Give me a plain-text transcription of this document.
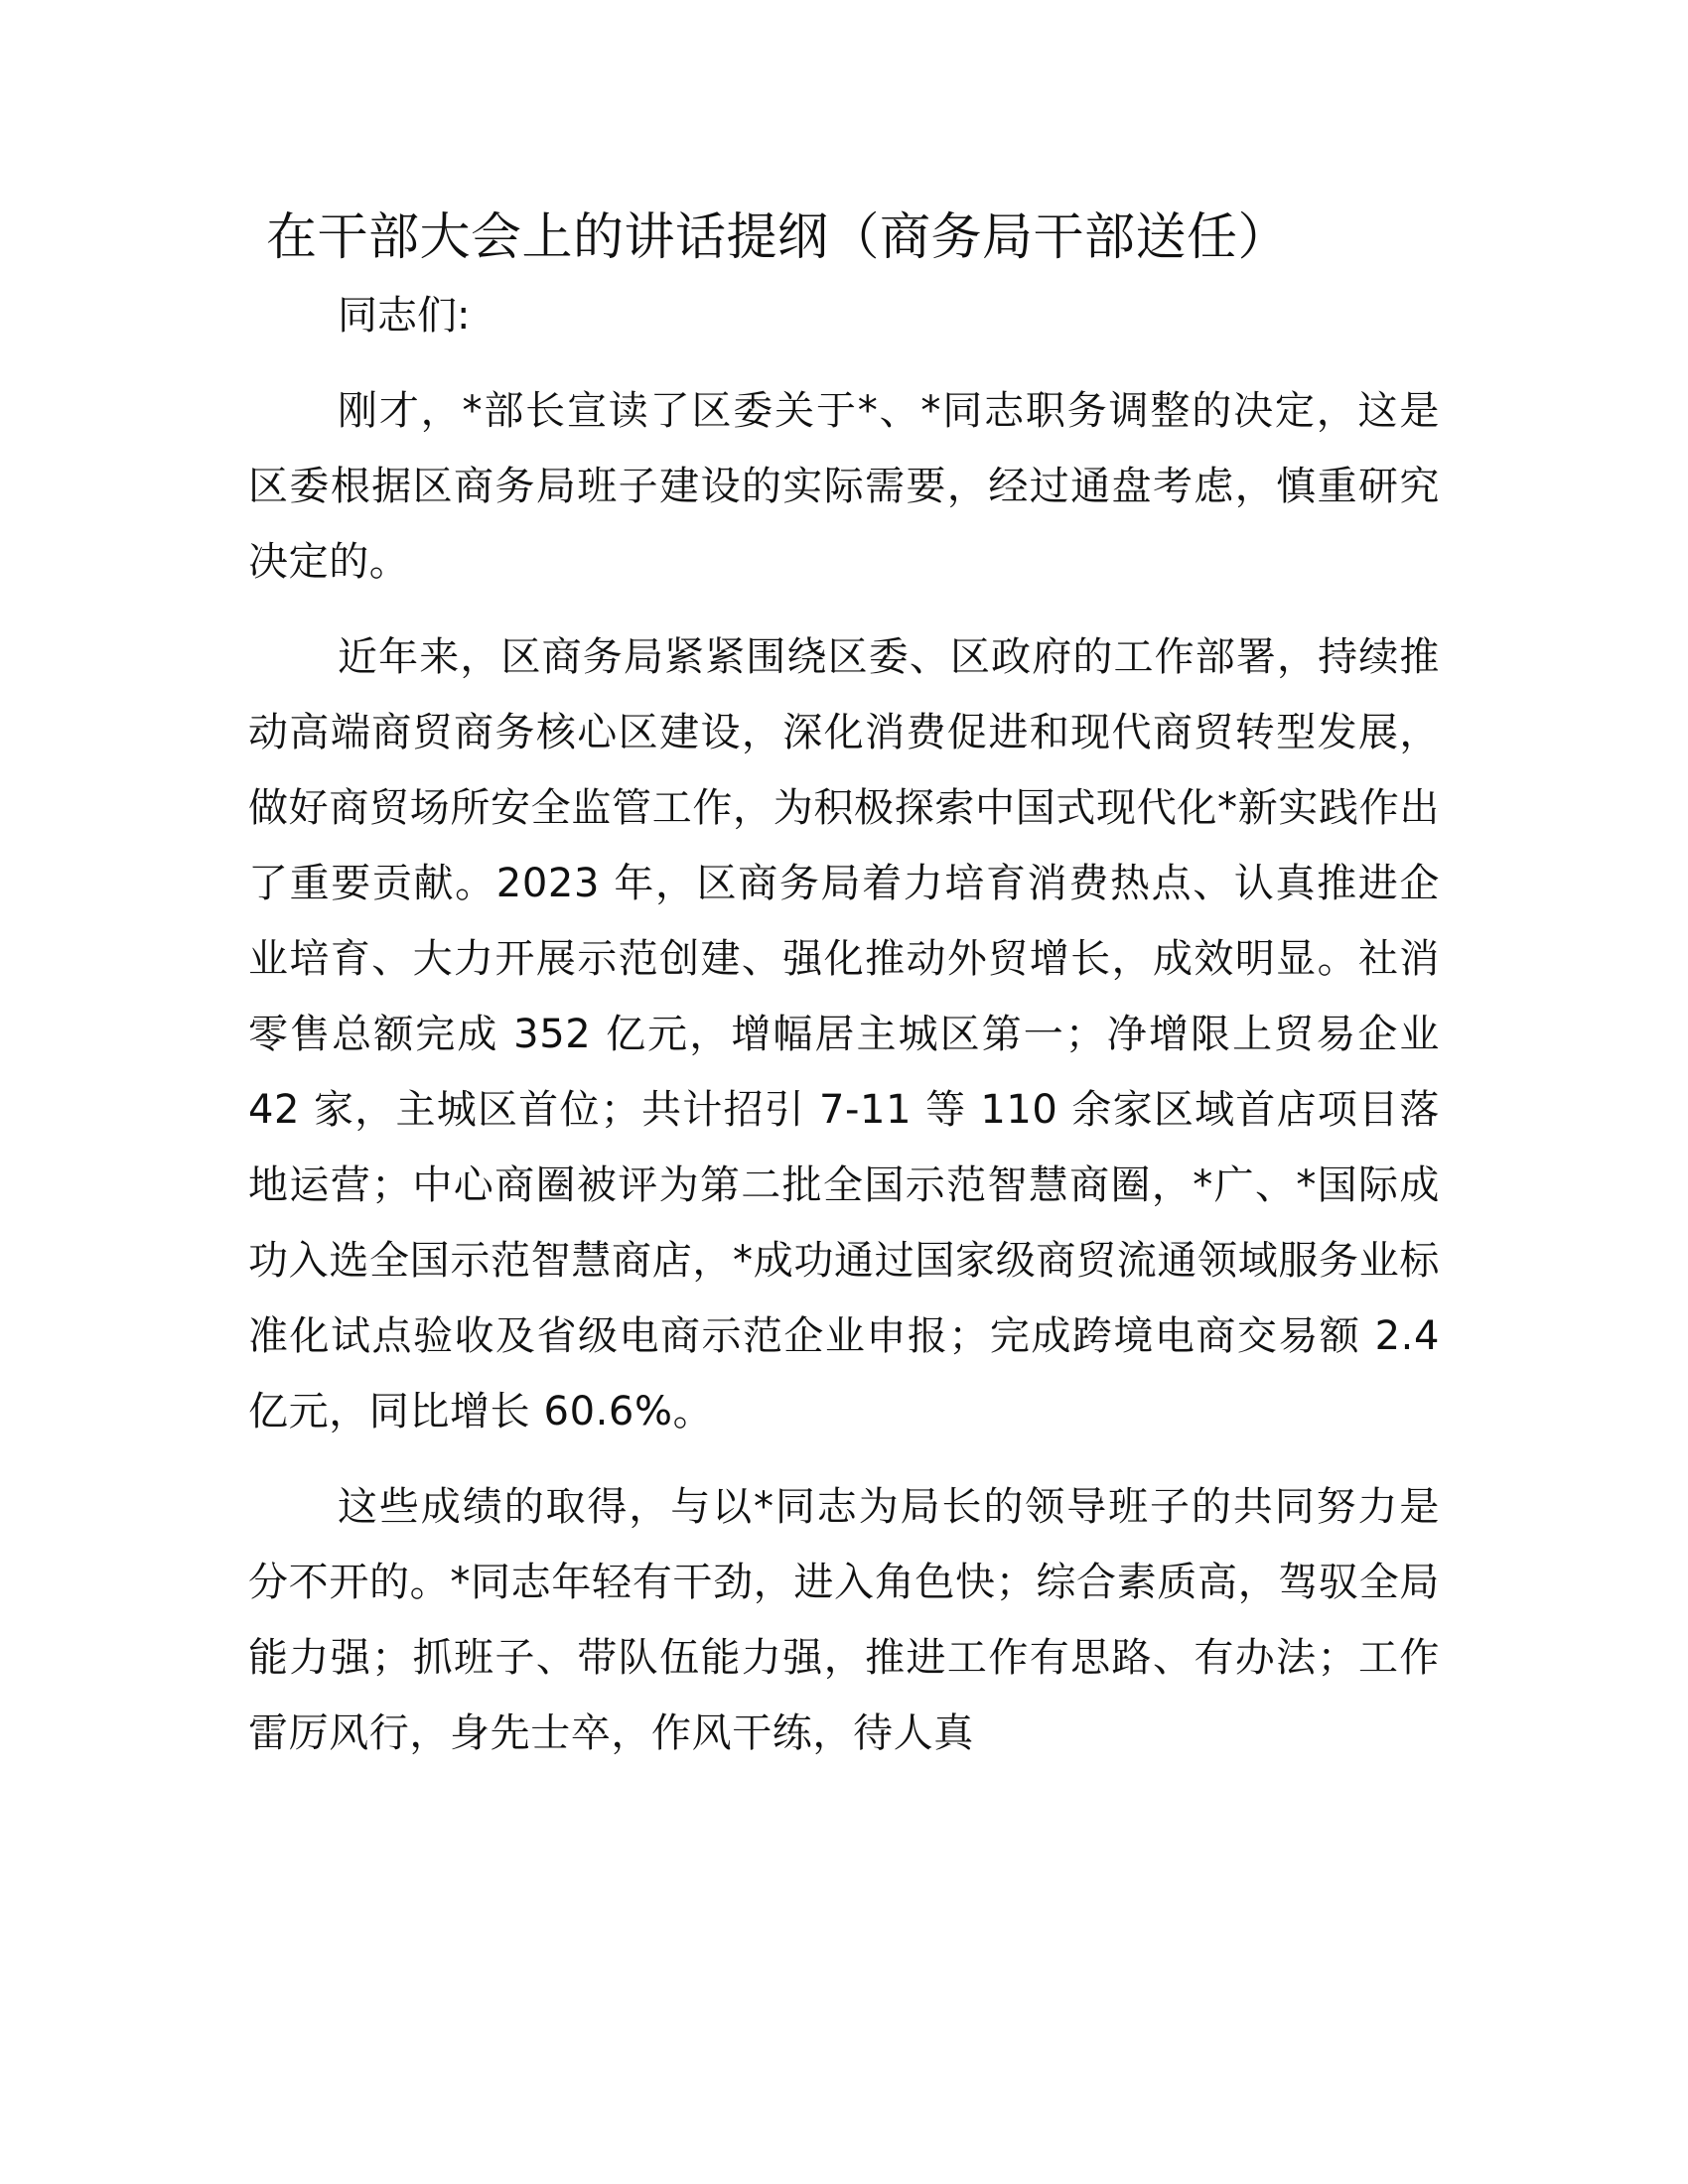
在干部大会上的讲话提纲（商务局干部送任）

同志们:

刚才，*部长宣读了区委关于*、*同志职务调整的决定，这是区委根据区商务局班子建设的实际需要，经过通盘考虑，慎重研究决定的。

近年来，区商务局紧紧围绕区委、区政府的工作部署，持续推动高端商贸商务核心区建设，深化消费促进和现代商贸转型发展，做好商贸场所安全监管工作，为积极探索中国式现代化*新实践作出了重要贡献。2023 年，区商务局着力培育消费热点、认真推进企业培育、大力开展示范创建、强化推动外贸增长，成效明显。社消零售总额完成 352 亿元，增幅居主城区第一；净增限上贸易企业 42 家，主城区首位；共计招引 7-11 等 110 余家区域首店项目落地运营；中心商圈被评为第二批全国示范智慧商圈，*广、*国际成功入选全国示范智慧商店，*成功通过国家级商贸流通领域服务业标准化试点验收及省级电商示范企业申报；完成跨境电商交易额 2.4 亿元，同比增长 60.6%。

这些成绩的取得，与以*同志为局长的领导班子的共同努力是分不开的。*同志年轻有干劲，进入角色快；综合素质高，驾驭全局能力强；抓班子、带队伍能力强，推进工作有思路、有办法；工作雷厉风行，身先士卒，作风干练，待人真
